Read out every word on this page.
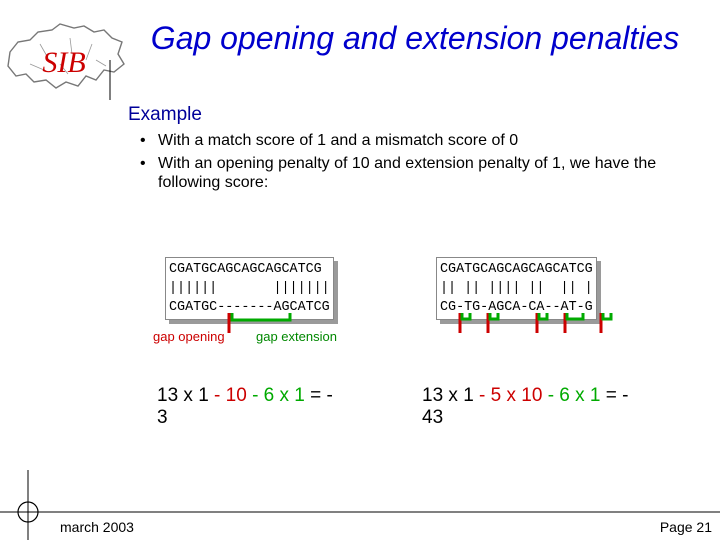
SIB
Gap opening and extension penalties
Example
• With a match score of 1 and a mismatch score of 0
• With an opening penalty of 10 and extension penalty of 1, we have the following score:
CGATGCAGCAGCAGCATCG
||||||       |||||||
CGATGC-------AGCATCG
CGATGCAGCAGCAGCATCG
|| || |||| ||  || |
CG-TG-AGCA-CA--AT-G
gap opening gap extension
13 x 1 - 10 - 6 x 1 = -
3
13 x 1 - 5 x 10 - 6 x 1 = -
43
march 2003	Page 21
